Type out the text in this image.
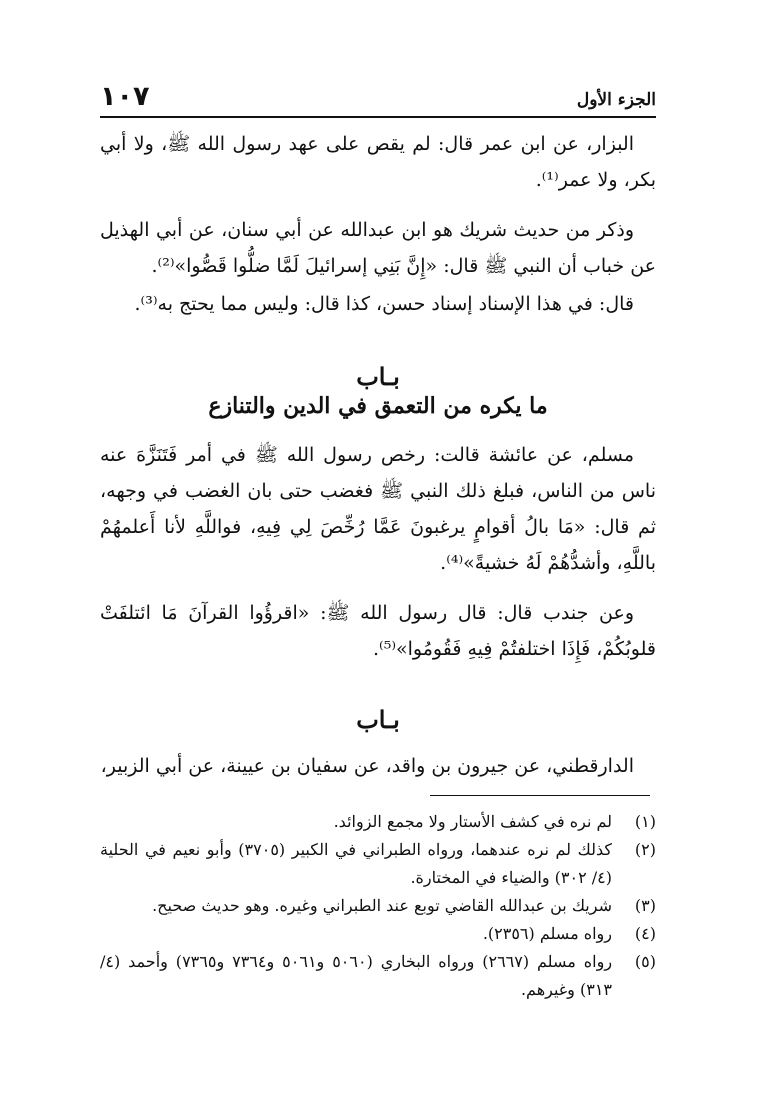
الجزء الأول
١٠٧

البزار، عن ابن عمر قال: لم يقص على عهد رسول الله ﷺ، ولا أبي بكر، ولا عمر⁽¹⁾.

وذكر من حديث شريك هو ابن عبدالله عن أبي سنان، عن أبي الهذيل عن خباب أن النبي ﷺ قال: «إِنَّ بَنِي إسرائيلَ لَمَّا ضلُّوا قَصُّوا»⁽²⁾.

قال: في هذا الإسناد إسناد حسن، كذا قال: وليس مما يحتج به⁽³⁾.

بـاب

ما يكره من التعمق في الدين والتنازع

مسلم، عن عائشة قالت: رخص رسول الله ﷺ في أمر فَتَنَزَّهَ عنه ناس من الناس، فبلغ ذلك النبي ﷺ فغضب حتى بان الغضب في وجهه، ثم قال: «مَا بالُ أقوامٍ يرغبونَ عَمَّا رُخِّصَ لِي فِيهِ، فواللَّهِ لأنا أَعلمهُمْ باللَّهِ، وأشدُّهُمْ لَهُ خشيةً»⁽⁴⁾.

وعن جندب قال: قال رسول الله ﷺ: «اقرؤُوا القرآنَ مَا ائتلفَتْ قلوبُكُمْ، فَإِذَا اختلفتُمْ فِيهِ فَقُومُوا»⁽⁵⁾.

بـاب

الدارقطني، عن جيرون بن واقد، عن سفيان بن عيينة، عن أبي الزبير،

(١)
لم نره في كشف الأستار ولا مجمع الزوائد.
(٢)
كذلك لم نره عندهما، ورواه الطبراني في الكبير (٣٧٠٥) وأبو نعيم في الحلية (٤/ ٣٠٢) والضياء في المختارة.
(٣)
شريك بن عبدالله القاضي توبع عند الطبراني وغيره. وهو حديث صحيح.
(٤)
رواه مسلم (٢٣٥٦).
(٥)
رواه مسلم (٢٦٦٧) ورواه البخاري (٥٠٦٠ و٥٠٦١ و٧٣٦٤ و٧٣٦٥) وأحمد (٤/ ٣١٣) وغيرهم.
